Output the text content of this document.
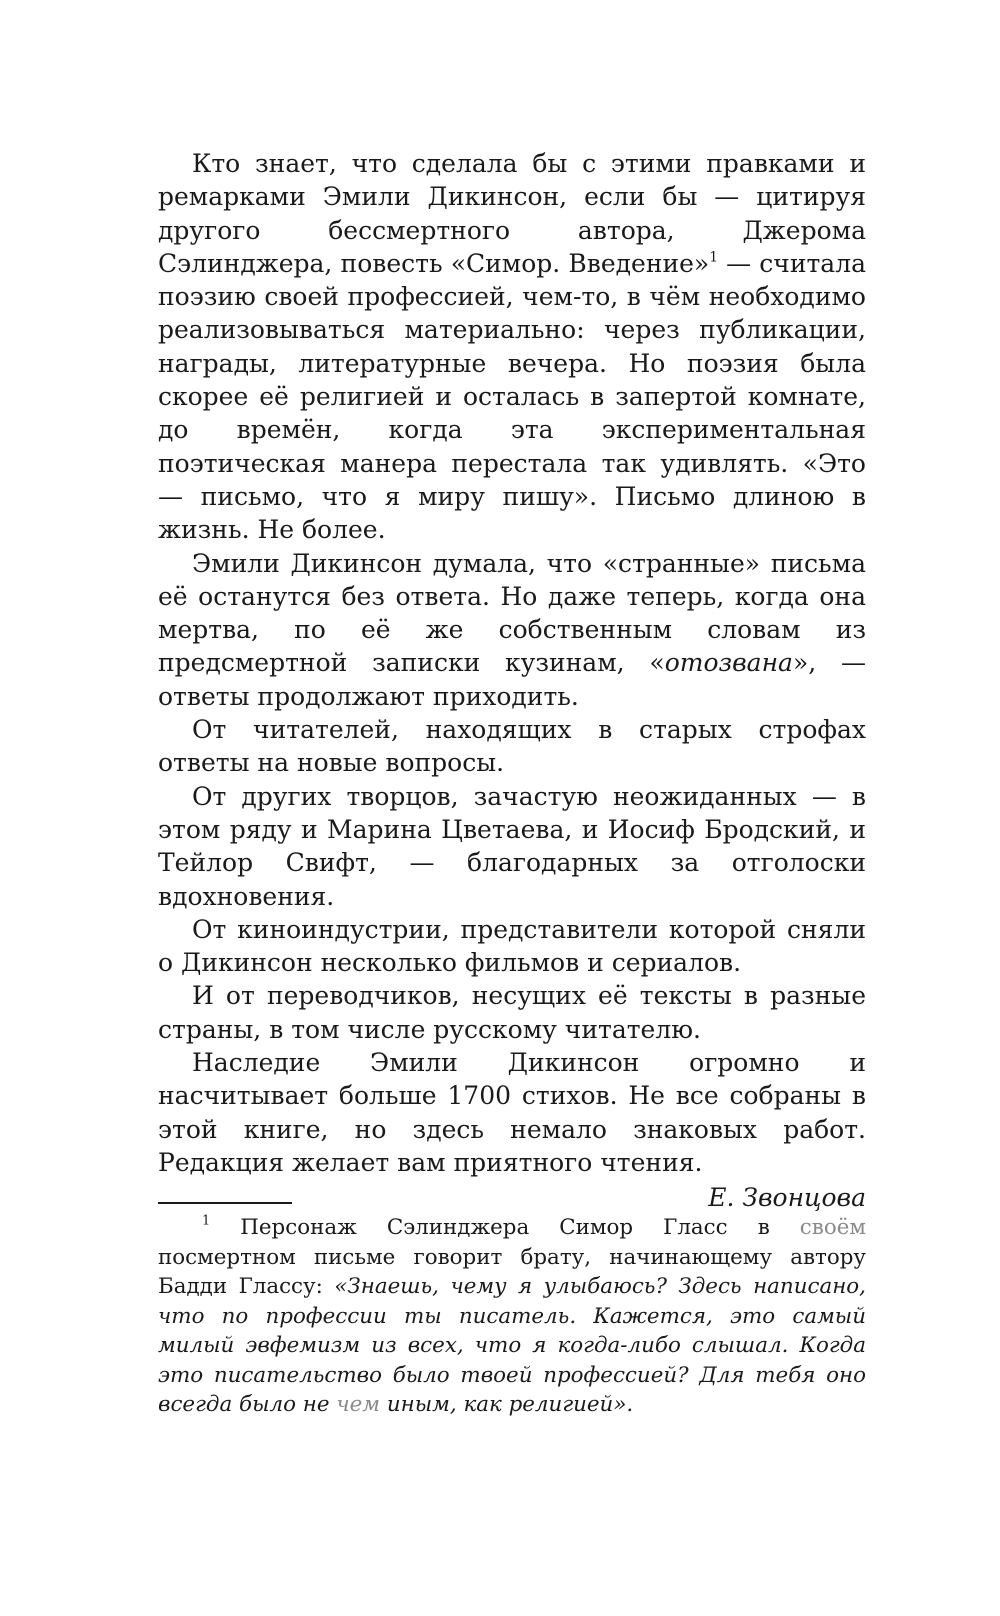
Кто знает, что сделала бы с этими правками и ремарками Эмили Дикинсон, если бы — цитируя другого бессмертного автора, Джерома Сэлинджера, повесть «Симор. Введение»$^1$ — считала поэзию своей профессией, чем-то, в чём необходимо реализовываться материально: через публикации, награды, литературные вечера. Но поэзия была скорее её религией и осталась в запертой комнате, до времён, когда эта экспериментальная поэтическая манера перестала так удивлять. «Это — письмо, что я миру пишу». Письмо длиною в жизнь. Не более.

Эмили Дикинсон думала, что «странные» письма её останутся без ответа. Но даже теперь, когда она мертва, по её же собственным словам из предсмертной записки кузинам, «отозвана», — ответы продолжают приходить.

От читателей, находящих в старых строфах ответы на новые вопросы.

От других творцов, зачастую неожиданных — в этом ряду и Марина Цветаева, и Иосиф Бродский, и Тейлор Свифт, — благодарных за отголоски вдохновения.

От киноиндустрии, представители которой сняли о Дикинсон несколько фильмов и сериалов.

И от переводчиков, несущих её тексты в разные страны, в том числе русскому читателю.

Наследие Эмили Дикинсон огромно и насчитывает больше 1700 стихов. Не все собраны в этой книге, но здесь немало знаковых работ. Редакция желает вам приятного чтения.

Е. Звонцова

$^1$ Персонаж Сэлинджера Симор Гласс в своём посмертном письме говорит брату, начинающему автору Бадди Глассу: «Знаешь, чему я улыбаюсь? Здесь написано, что по профессии ты писатель. Кажется, это самый милый эвфемизм из всех, что я когда-либо слышал. Когда это писательство было твоей профессией? Для тебя оно всегда было не чем иным, как религией».
